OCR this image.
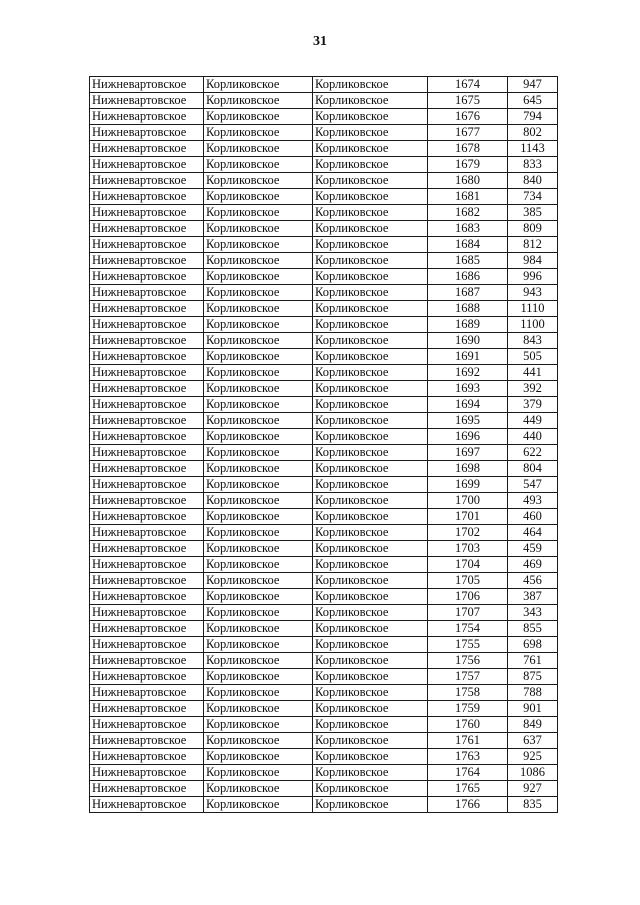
31
Нижневартовское	Корликовское	Корликовское	1674	947
Нижневартовское	Корликовское	Корликовское	1675	645
Нижневартовское	Корликовское	Корликовское	1676	794
Нижневартовское	Корликовское	Корликовское	1677	802
Нижневартовское	Корликовское	Корликовское	1678	1143
Нижневартовское	Корликовское	Корликовское	1679	833
Нижневартовское	Корликовское	Корликовское	1680	840
Нижневартовское	Корликовское	Корликовское	1681	734
Нижневартовское	Корликовское	Корликовское	1682	385
Нижневартовское	Корликовское	Корликовское	1683	809
Нижневартовское	Корликовское	Корликовское	1684	812
Нижневартовское	Корликовское	Корликовское	1685	984
Нижневартовское	Корликовское	Корликовское	1686	996
Нижневартовское	Корликовское	Корликовское	1687	943
Нижневартовское	Корликовское	Корликовское	1688	1110
Нижневартовское	Корликовское	Корликовское	1689	1100
Нижневартовское	Корликовское	Корликовское	1690	843
Нижневартовское	Корликовское	Корликовское	1691	505
Нижневартовское	Корликовское	Корликовское	1692	441
Нижневартовское	Корликовское	Корликовское	1693	392
Нижневартовское	Корликовское	Корликовское	1694	379
Нижневартовское	Корликовское	Корликовское	1695	449
Нижневартовское	Корликовское	Корликовское	1696	440
Нижневартовское	Корликовское	Корликовское	1697	622
Нижневартовское	Корликовское	Корликовское	1698	804
Нижневартовское	Корликовское	Корликовское	1699	547
Нижневартовское	Корликовское	Корликовское	1700	493
Нижневартовское	Корликовское	Корликовское	1701	460
Нижневартовское	Корликовское	Корликовское	1702	464
Нижневартовское	Корликовское	Корликовское	1703	459
Нижневартовское	Корликовское	Корликовское	1704	469
Нижневартовское	Корликовское	Корликовское	1705	456
Нижневартовское	Корликовское	Корликовское	1706	387
Нижневартовское	Корликовское	Корликовское	1707	343
Нижневартовское	Корликовское	Корликовское	1754	855
Нижневартовское	Корликовское	Корликовское	1755	698
Нижневартовское	Корликовское	Корликовское	1756	761
Нижневартовское	Корликовское	Корликовское	1757	875
Нижневартовское	Корликовское	Корликовское	1758	788
Нижневартовское	Корликовское	Корликовское	1759	901
Нижневартовское	Корликовское	Корликовское	1760	849
Нижневартовское	Корликовское	Корликовское	1761	637
Нижневартовское	Корликовское	Корликовское	1763	925
Нижневартовское	Корликовское	Корликовское	1764	1086
Нижневартовское	Корликовское	Корликовское	1765	927
Нижневартовское	Корликовское	Корликовское	1766	835
